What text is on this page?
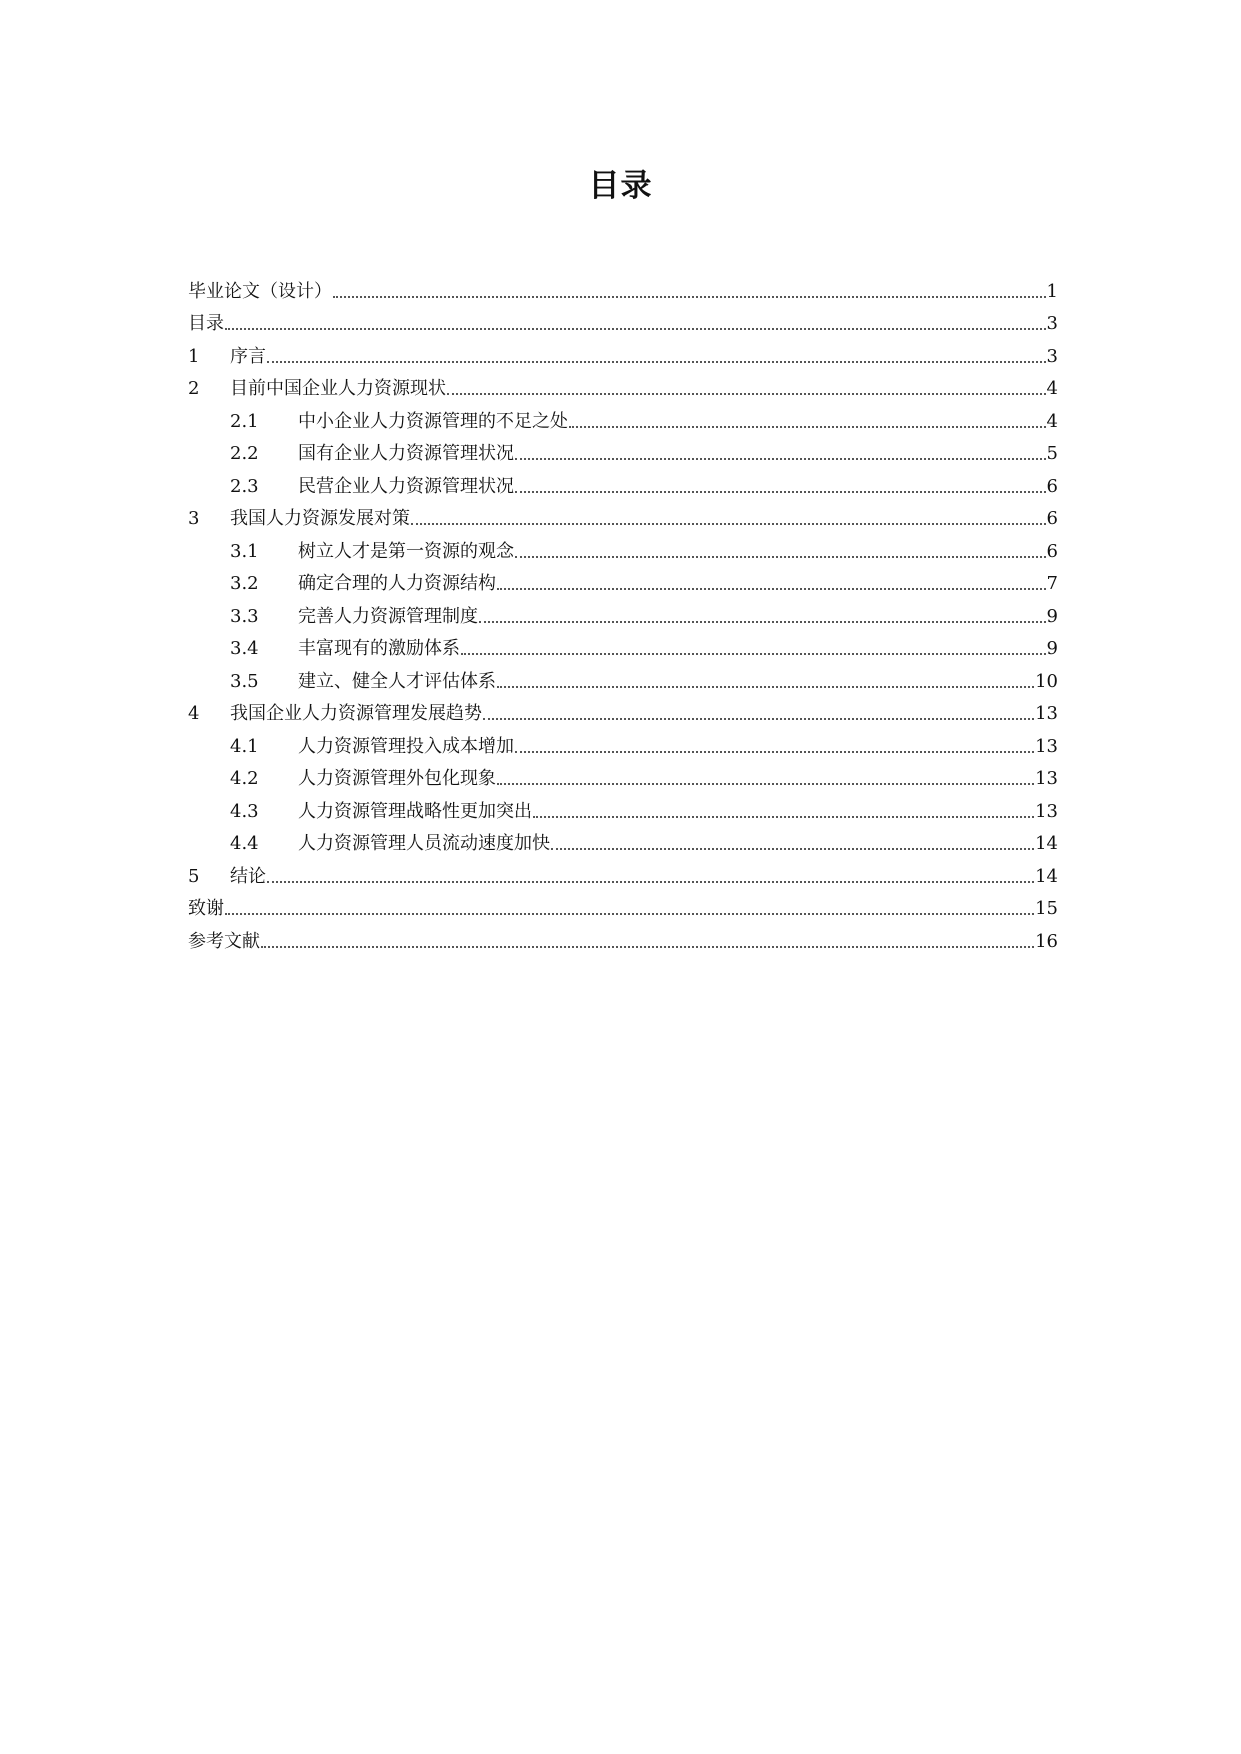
目录
毕业论文（设计）	1
目录	3
1	序言	3
2	目前中国企业人力资源现状	4
2.1	中小企业人力资源管理的不足之处	4
2.2	国有企业人力资源管理状况	5
2.3	民营企业人力资源管理状况	6
3	我国人力资源发展对策	6
3.1	树立人才是第一资源的观念	6
3.2	确定合理的人力资源结构	7
3.3	完善人力资源管理制度	9
3.4	丰富现有的激励体系	9
3.5	建立、健全人才评估体系	10
4	我国企业人力资源管理发展趋势	13
4.1	人力资源管理投入成本增加	13
4.2	人力资源管理外包化现象	13
4.3	人力资源管理战略性更加突出	13
4.4	人力资源管理人员流动速度加快	14
5	结论	14
致谢	15
参考文献	16
